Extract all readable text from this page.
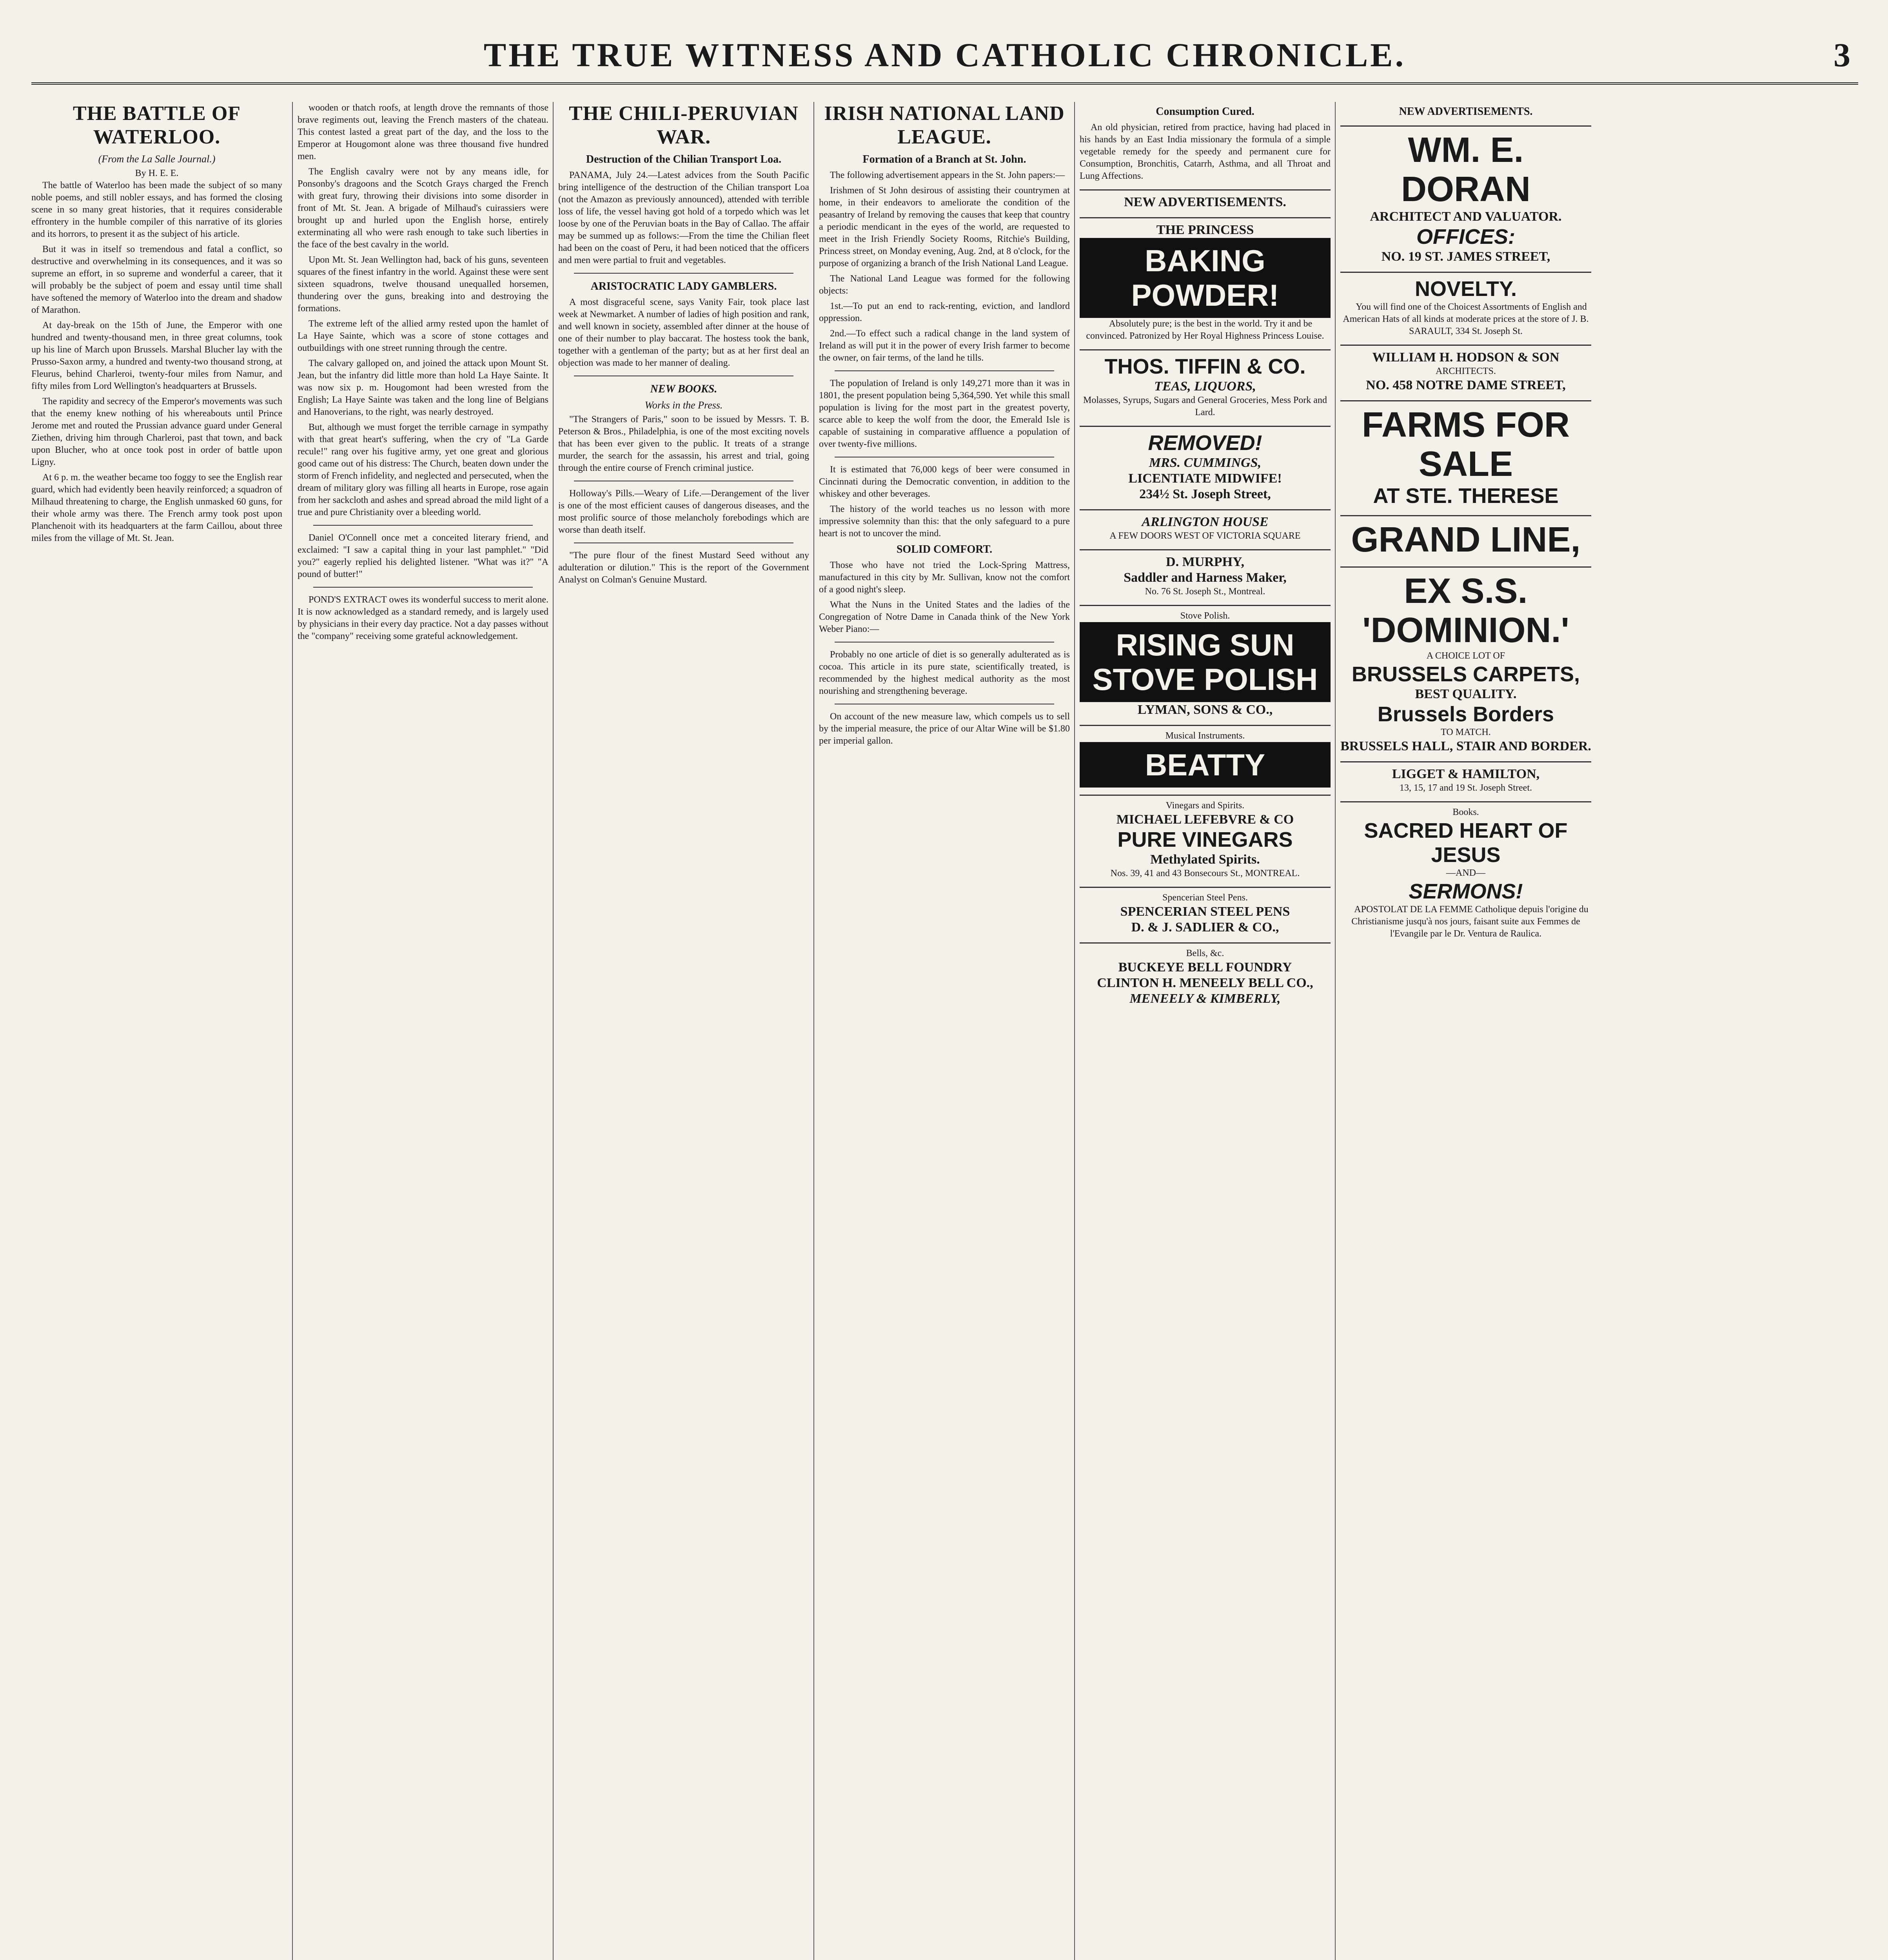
THE TRUE WITNESS AND CATHOLIC CHRONICLE.	3
THE BATTLE OF WATERLOO.
(From the La Salle Journal.)
By H. E. E.

The battle of Waterloo has been made the subject of so many noble poems, and still nobler essays, and has formed the closing scene in so many great histories, that it requires considerable effrontery in the humble compiler of this narrative of its glories and its horrors, to present it as the subject of his article.

But it was in itself so tremendous and fatal a conflict, so destructive and overwhelming in its consequences, and it was so supreme an effort, in so supreme and wonderful a career, that it will probably be the subject of poem and essay until time shall have softened the memory of Waterloo into the dream and shadow of Marathon.

At day-break on the 15th of June, the Emperor with one hundred and twenty-thousand men, in three great columns, took up his line of March upon Brussels. Marshal Blucher lay with the Prusso-Saxon army, a hundred and twenty-two thousand strong, at Fleurus, behind Charleroi, twenty-four miles from Namur, and fifty miles from Lord Wellington's headquarters at Brussels.

The rapidity and secrecy of the Emperor's movements was such that the enemy knew nothing of his whereabouts until Prince Jerome met and routed the Prussian advance guard under General Ziethen, driving him through Charleroi, past that town, and back upon Blucher, who at once took post in order of battle upon Ligny.

At 6 p. m. the weather became too foggy to see the English rear guard, which had evidently been heavily reinforced; a squadron of Milhaud threatening to charge, the English unmasked 60 guns, for their whole army was there. The French army took post upon Planchenoit with its headquarters at the farm Caillou, about three miles from the village of Mt. St. Jean.

wooden or thatch roofs, at length drove the remnants of those brave regiments out, leaving the French masters of the chateau. This contest lasted a great part of the day, and the loss to the Emperor at Hougomont alone was three thousand five hundred men.

The English cavalry were not by any means idle, for Ponsonby's dragoons and the Scotch Grays charged the French with great fury, throwing their divisions into some disorder in front of Mt. St. Jean. A brigade of Milhaud's cuirassiers were brought up and hurled upon the English horse, entirely exterminating all who were rash enough to take such liberties in the face of the best cavalry in the world.

Upon Mt. St. Jean Wellington had, back of his guns, seventeen squares of the finest infantry in the world. Against these were sent sixteen squadrons, twelve thousand unequalled horsemen, thundering over the guns, breaking into and destroying the formations.

The extreme left of the allied army rested upon the hamlet of La Haye Sainte, which was a score of stone cottages and outbuildings with one street running through the centre.

The calvary galloped on, and joined the attack upon Mount St. Jean, but the infantry did little more than hold La Haye Sainte. It was now six p. m. Hougomont had been wrested from the English; La Haye Sainte was taken and the long line of Belgians and Hanoverians, to the right, was nearly destroyed.

But, although we must forget the terrible carnage in sympathy with that great heart's suffering, when the cry of "La Garde recule!" rang over his fugitive army, yet one great and glorious good came out of his distress: The Church, beaten down under the storm of French infidelity, and neglected and persecuted, when the dream of military glory was filling all hearts in Europe, rose again from her sackcloth and ashes and spread abroad the mild light of a true and pure Christianity over a bleeding world.

Daniel O'Connell once met a conceited literary friend, and exclaimed: "I saw a capital thing in your last pamphlet." "Did you?" eagerly replied his delighted listener. "What was it?" "A pound of butter!"

POND'S EXTRACT owes its wonderful success to merit alone. It is now acknowledged as a standard remedy, and is largely used by physicians in their every day practice. Not a day passes without the "company" receiving some grateful acknowledgement.

THE CHILI-PERUVIAN WAR.
Destruction of the Chilian Transport Loa.

PANAMA, July 24.—Latest advices from the South Pacific bring intelligence of the destruction of the Chilian transport Loa (not the Amazon as previously announced), attended with terrible loss of life, the vessel having got hold of a torpedo which was let loose by one of the Peruvian boats in the Bay of Callao. The affair may be summed up as follows:—From the time the Chilian fleet had been on the coast of Peru, it had been noticed that the officers and men were partial to fruit and vegetables.

ARISTOCRATIC LADY GAMBLERS.

A most disgraceful scene, says Vanity Fair, took place last week at Newmarket. A number of ladies of high position and rank, and well known in society, assembled after dinner at the house of one of their number to play baccarat. The hostess took the bank, together with a gentleman of the party; but as at her first deal an objection was made to her manner of dealing.

NEW BOOKS.
Works in the Press.

"The Strangers of Paris," soon to be issued by Messrs. T. B. Peterson & Bros., Philadelphia, is one of the most exciting novels that has been ever given to the public. It treats of a strange murder, the search for the assassin, his arrest and trial, going through the entire course of French criminal justice.

Holloway's Pills.—Weary of Life.—Derangement of the liver is one of the most efficient causes of dangerous diseases, and the most prolific source of those melancholy forebodings which are worse than death itself.

"The pure flour of the finest Mustard Seed without any adulteration or dilution." This is the report of the Government Analyst on Colman's Genuine Mustard.

IRISH NATIONAL LAND LEAGUE.
Formation of a Branch at St. John.

The following advertisement appears in the St. John papers:—

Irishmen of St John desirous of assisting their countrymen at home, in their endeavors to ameliorate the condition of the peasantry of Ireland by removing the causes that keep that country a periodic mendicant in the eyes of the world, are requested to meet in the Irish Friendly Society Rooms, Ritchie's Building, Princess street, on Monday evening, Aug. 2nd, at 8 o'clock, for the purpose of organizing a branch of the Irish National Land League.

The National Land League was formed for the following objects:

1st.—To put an end to rack-renting, eviction, and landlord oppression.

2nd.—To effect such a radical change in the land system of Ireland as will put it in the power of every Irish farmer to become the owner, on fair terms, of the land he tills.

The population of Ireland is only 149,271 more than it was in 1801, the present population being 5,364,590. Yet while this small population is living for the most part in the greatest poverty, scarce able to keep the wolf from the door, the Emerald Isle is capable of sustaining in comparative affluence a population of over twenty-five millions.

It is estimated that 76,000 kegs of beer were consumed in Cincinnati during the Democratic convention, in addition to the whiskey and other beverages.

The history of the world teaches us no lesson with more impressive solemnity than this: that the only safeguard to a pure heart is not to uncover the mind.

SOLID COMFORT.

Those who have not tried the Lock-Spring Mattress, manufactured in this city by Mr. Sullivan, know not the comfort of a good night's sleep.

What the Nuns in the United States and the ladies of the Congregation of Notre Dame in Canada think of the New York Weber Piano:—

Probably no one article of diet is so generally adulterated as is cocoa. This article in its pure state, scientifically treated, is recommended by the highest medical authority as the most nourishing and strengthening beverage.

On account of the new measure law, which compels us to sell by the imperial measure, the price of our Altar Wine will be $1.80 per imperial gallon.

Consumption Cured.

An old physician, retired from practice, having had placed in his hands by an East India missionary the formula of a simple vegetable remedy for the speedy and permanent cure for Consumption, Bronchitis, Catarrh, Asthma, and all Throat and Lung Affections.

NEW ADVERTISEMENTS.
THE PRINCESS
BAKING POWDER!

Absolutely pure; is the best in the world. Try it and be convinced. Patronized by Her Royal Highness Princess Louise.

THOS. TIFFIN & CO.
TEAS, LIQUORS,
Molasses, Syrups, Sugars and General Groceries, Mess Pork and Lard.
REMOVED!
MRS. CUMMINGS,
LICENTIATE MIDWIFE!
234½ St. Joseph Street,
ARLINGTON HOUSE
A FEW DOORS WEST OF VICTORIA SQUARE
D. MURPHY,
Saddler and Harness Maker,
No. 76 St. Joseph St., Montreal.
Stove Polish.
RISING SUN
STOVE POLISH
LYMAN, SONS & CO.,
Musical Instruments.
BEATTY
Vinegars and Spirits.
MICHAEL LEFEBVRE & CO
PURE VINEGARS
Methylated Spirits.
Nos. 39, 41 and 43 Bonsecours St., MONTREAL.
Spencerian Steel Pens.
SPENCERIAN STEEL PENS
D. & J. SADLIER & CO.,
Bells, &c.
BUCKEYE BELL FOUNDRY
CLINTON H. MENEELY BELL CO.,
MENEELY & KIMBERLY,
NEW ADVERTISEMENTS.
WM. E. DORAN
ARCHITECT AND VALUATOR.
OFFICES:
NO. 19 ST. JAMES STREET,
NOVELTY.

You will find one of the Choicest Assortments of English and American Hats of all kinds at moderate prices at the store of J. B. SARAULT, 334 St. Joseph St.

WILLIAM H. HODSON & SON
ARCHITECTS.
NO. 458 NOTRE DAME STREET,
FARMS FOR SALE
AT STE. THERESE
GRAND LINE,
EX S.S. 'DOMINION.'
A CHOICE LOT OF
BRUSSELS CARPETS,
BEST QUALITY.
Brussels Borders
TO MATCH.
BRUSSELS HALL, STAIR AND BORDER.
LIGGET & HAMILTON,
13, 15, 17 and 19 St. Joseph Street.
Books.
SACRED HEART OF JESUS
—AND—
SERMONS!

APOSTOLAT DE LA FEMME Catholique depuis l'origine du Christianisme jusqu'à nos jours, faisant suite aux Femmes de l'Evangile par le Dr. Ventura de Raulica.
